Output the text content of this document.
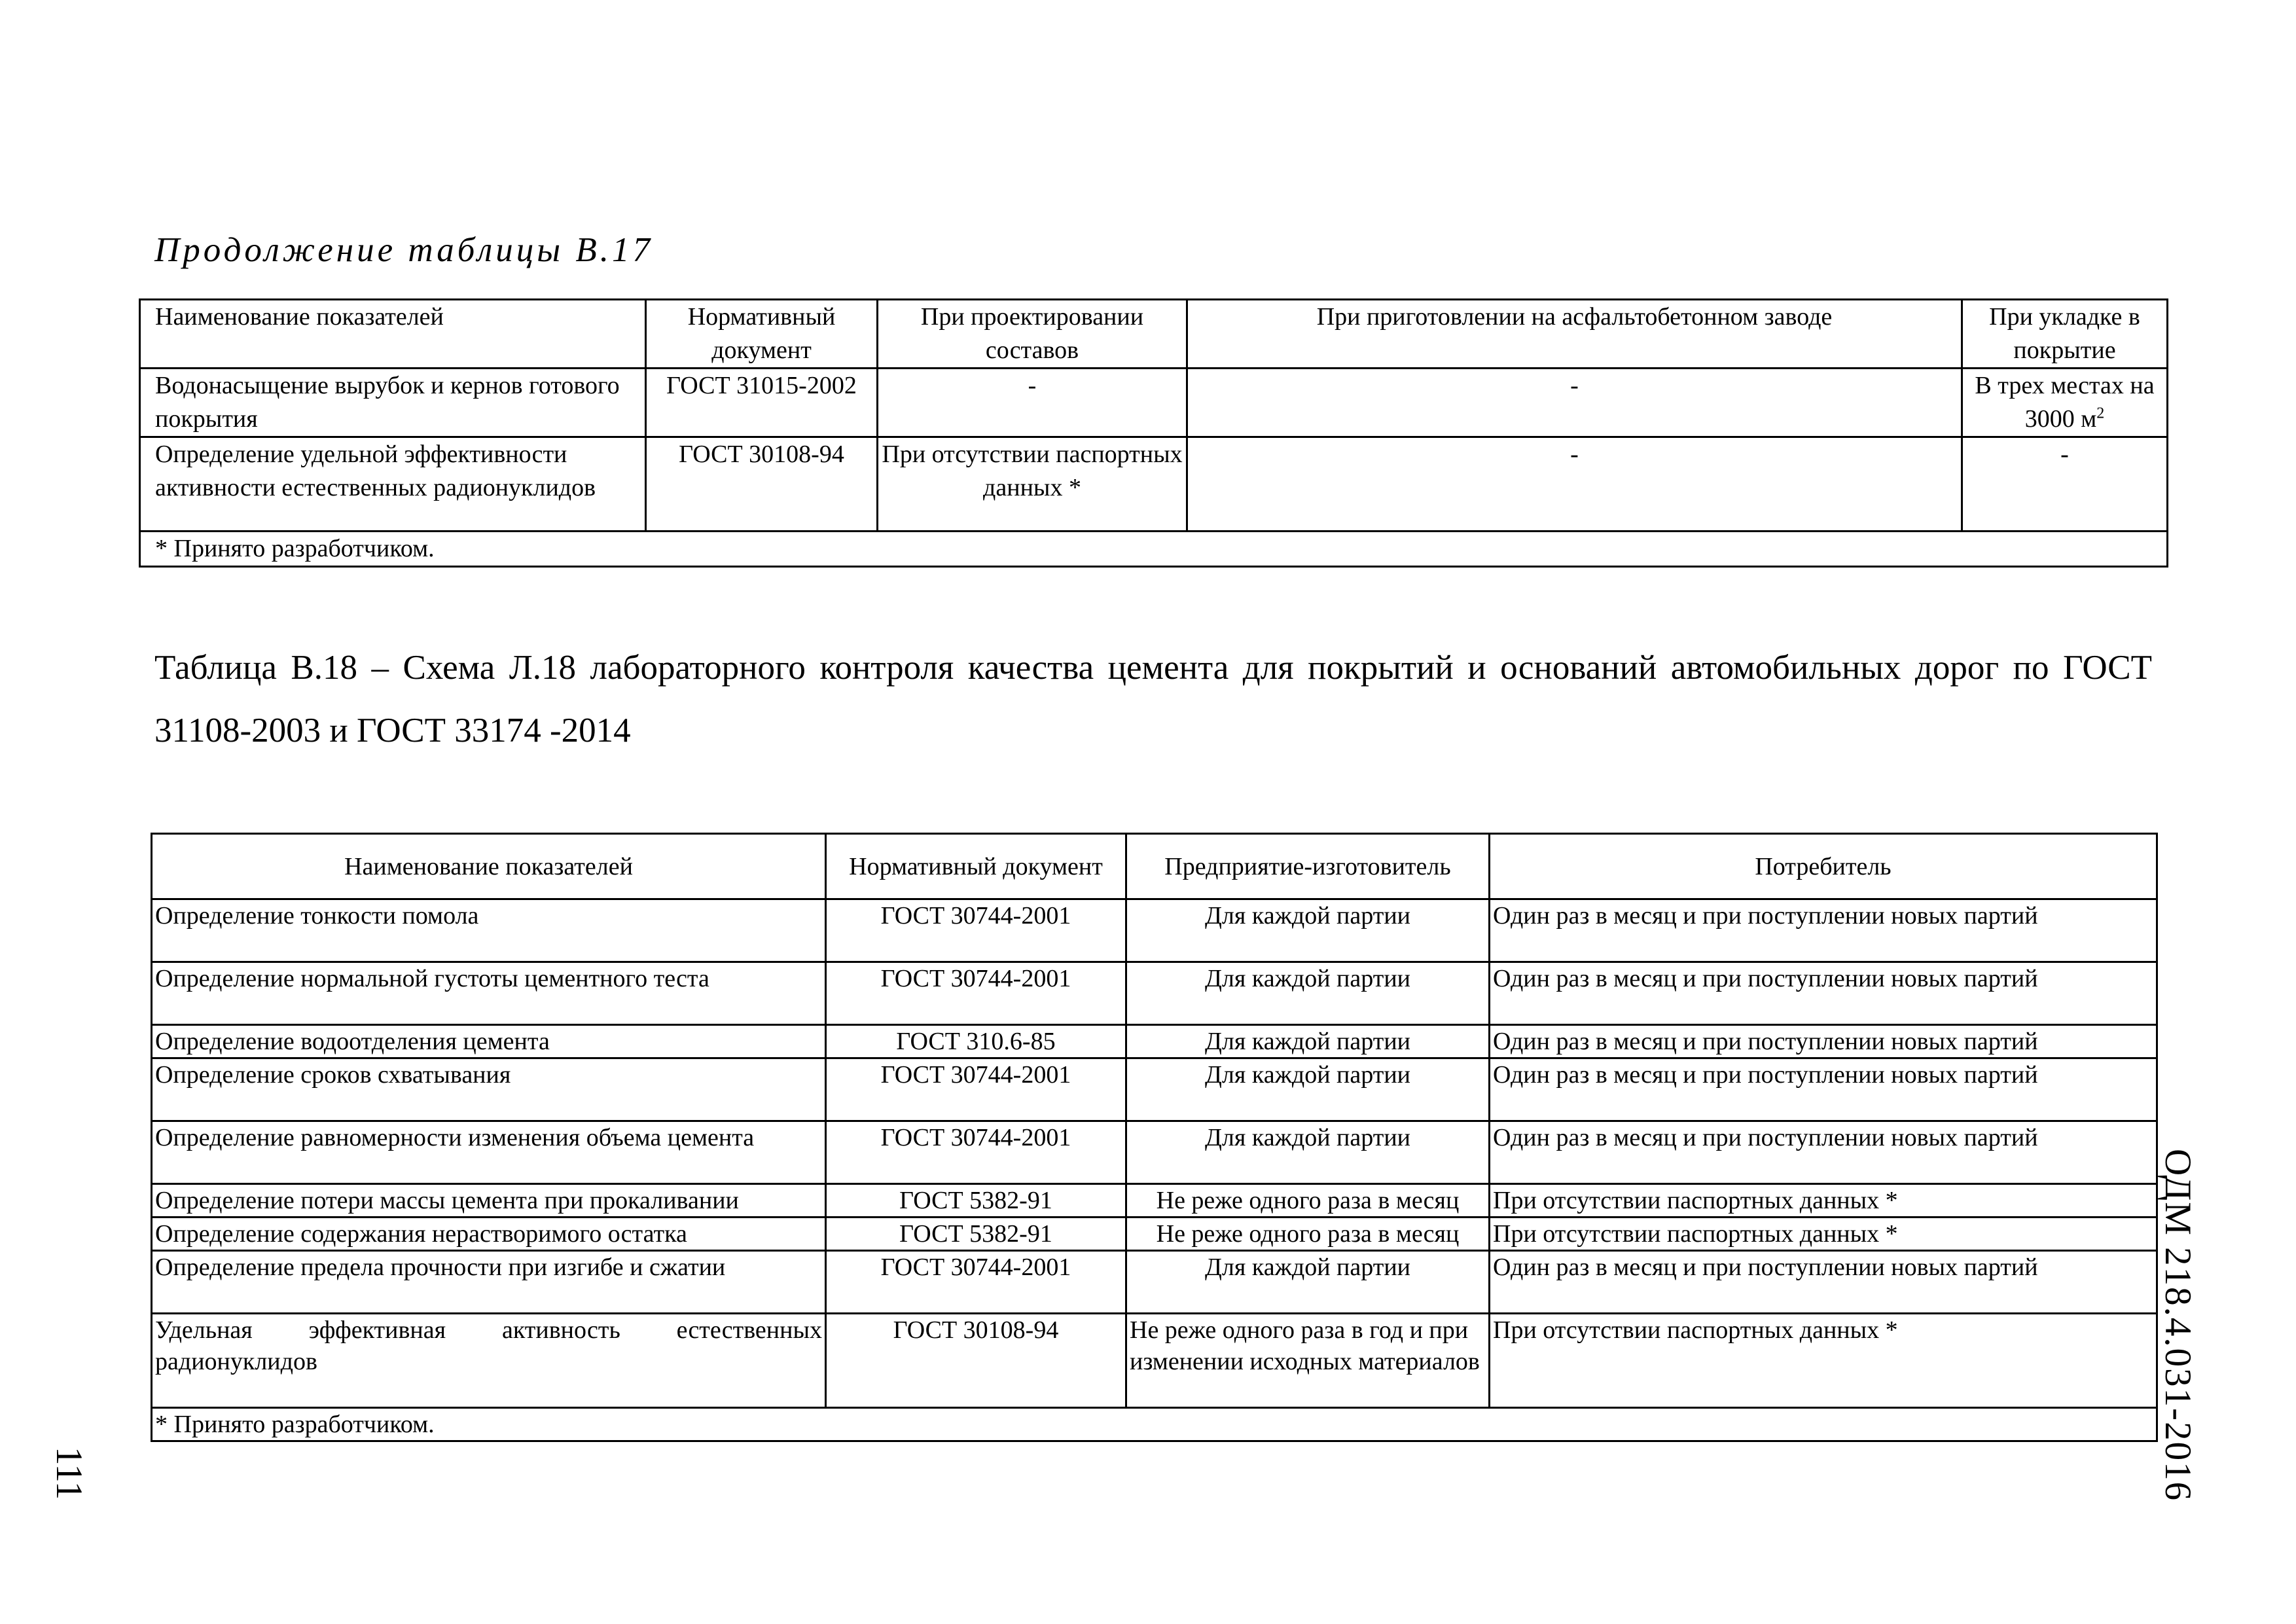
Продолжение таблицы В.17

Наименование показателей	Нормативный документ	При проектировании составов	При приготовлении на асфальтобетонном заводе	При укладке в покрытие
Водонасыщение вырубок и кернов готового покрытия	ГОСТ 31015-2002	-	-	В трех местах на 3000 $м^2$
Определение удельной эффективности активности естественных радионуклидов	ГОСТ 30108-94	При отсутствии паспортных данных *	-	-
* Принято разработчиком.				

Таблица В.18 – Схема Л.18 лабораторного контроля качества цемента для покрытий и оснований автомобильных дорог по ГОСТ 31108-2003 и ГОСТ 33174 -2014

Наименование показателей	Нормативный документ	Предприятие-изготовитель	Потребитель
Определение тонкости помола	ГОСТ 30744-2001	Для каждой партии	Один раз в месяц и при поступлении новых партий
Определение нормальной густоты цементного теста	ГОСТ 30744-2001	Для каждой партии	Один раз в месяц и при поступлении новых партий
Определение водоотделения цемента	ГОСТ 310.6-85	Для каждой партии	Один раз в месяц и при поступлении новых партий
Определение сроков схватывания	ГОСТ 30744-2001	Для каждой партии	Один раз в месяц и при поступлении новых партий
Определение равномерности изменения объема цемента	ГОСТ 30744-2001	Для каждой партии	Один раз в месяц и при поступлении новых партий
Определение потери массы цемента при прокаливании	ГОСТ 5382-91	Не реже одного раза в месяц	При отсутствии паспортных данных *
Определение содержания нерастворимого остатка	ГОСТ 5382-91	Не реже одного раза в месяц	При отсутствии паспортных данных *
Определение предела прочности при изгибе и сжатии	ГОСТ 30744-2001	Для каждой партии	Один раз в месяц и при поступлении новых партий
Удельная эффективная активность естественных радионуклидов	ГОСТ 30108-94	Не реже одного раза в год и при изменении исходных материалов	При отсутствии паспортных данных *
* Принято разработчиком.				ОДМ 218.4.031-2016
111
